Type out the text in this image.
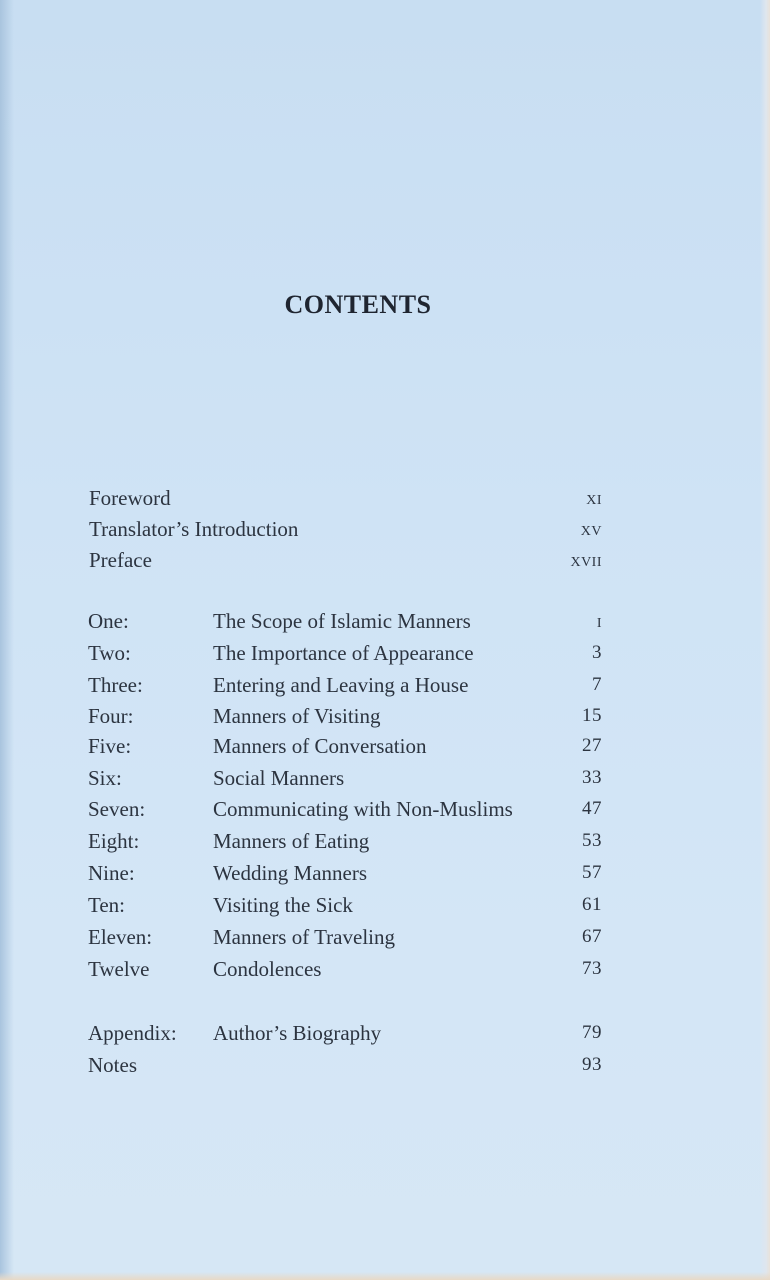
CONTENTS
Foreword	xi
Translator’s Introduction	xv
Preface	xvii
One:	The Scope of Islamic Manners	i
Two:	The Importance of Appearance	3
Three:	Entering and Leaving a House	7
Four:	Manners of Visiting	15
Five:	Manners of Conversation	27
Six:	Social Manners	33
Seven:	Communicating with Non-Muslims	47
Eight:	Manners of Eating	53
Nine:	Wedding Manners	57
Ten:	Visiting the Sick	61
Eleven:	Manners of Traveling	67
Twelve	Condolences	73
Appendix: Author’s Biography	79
Notes	93
